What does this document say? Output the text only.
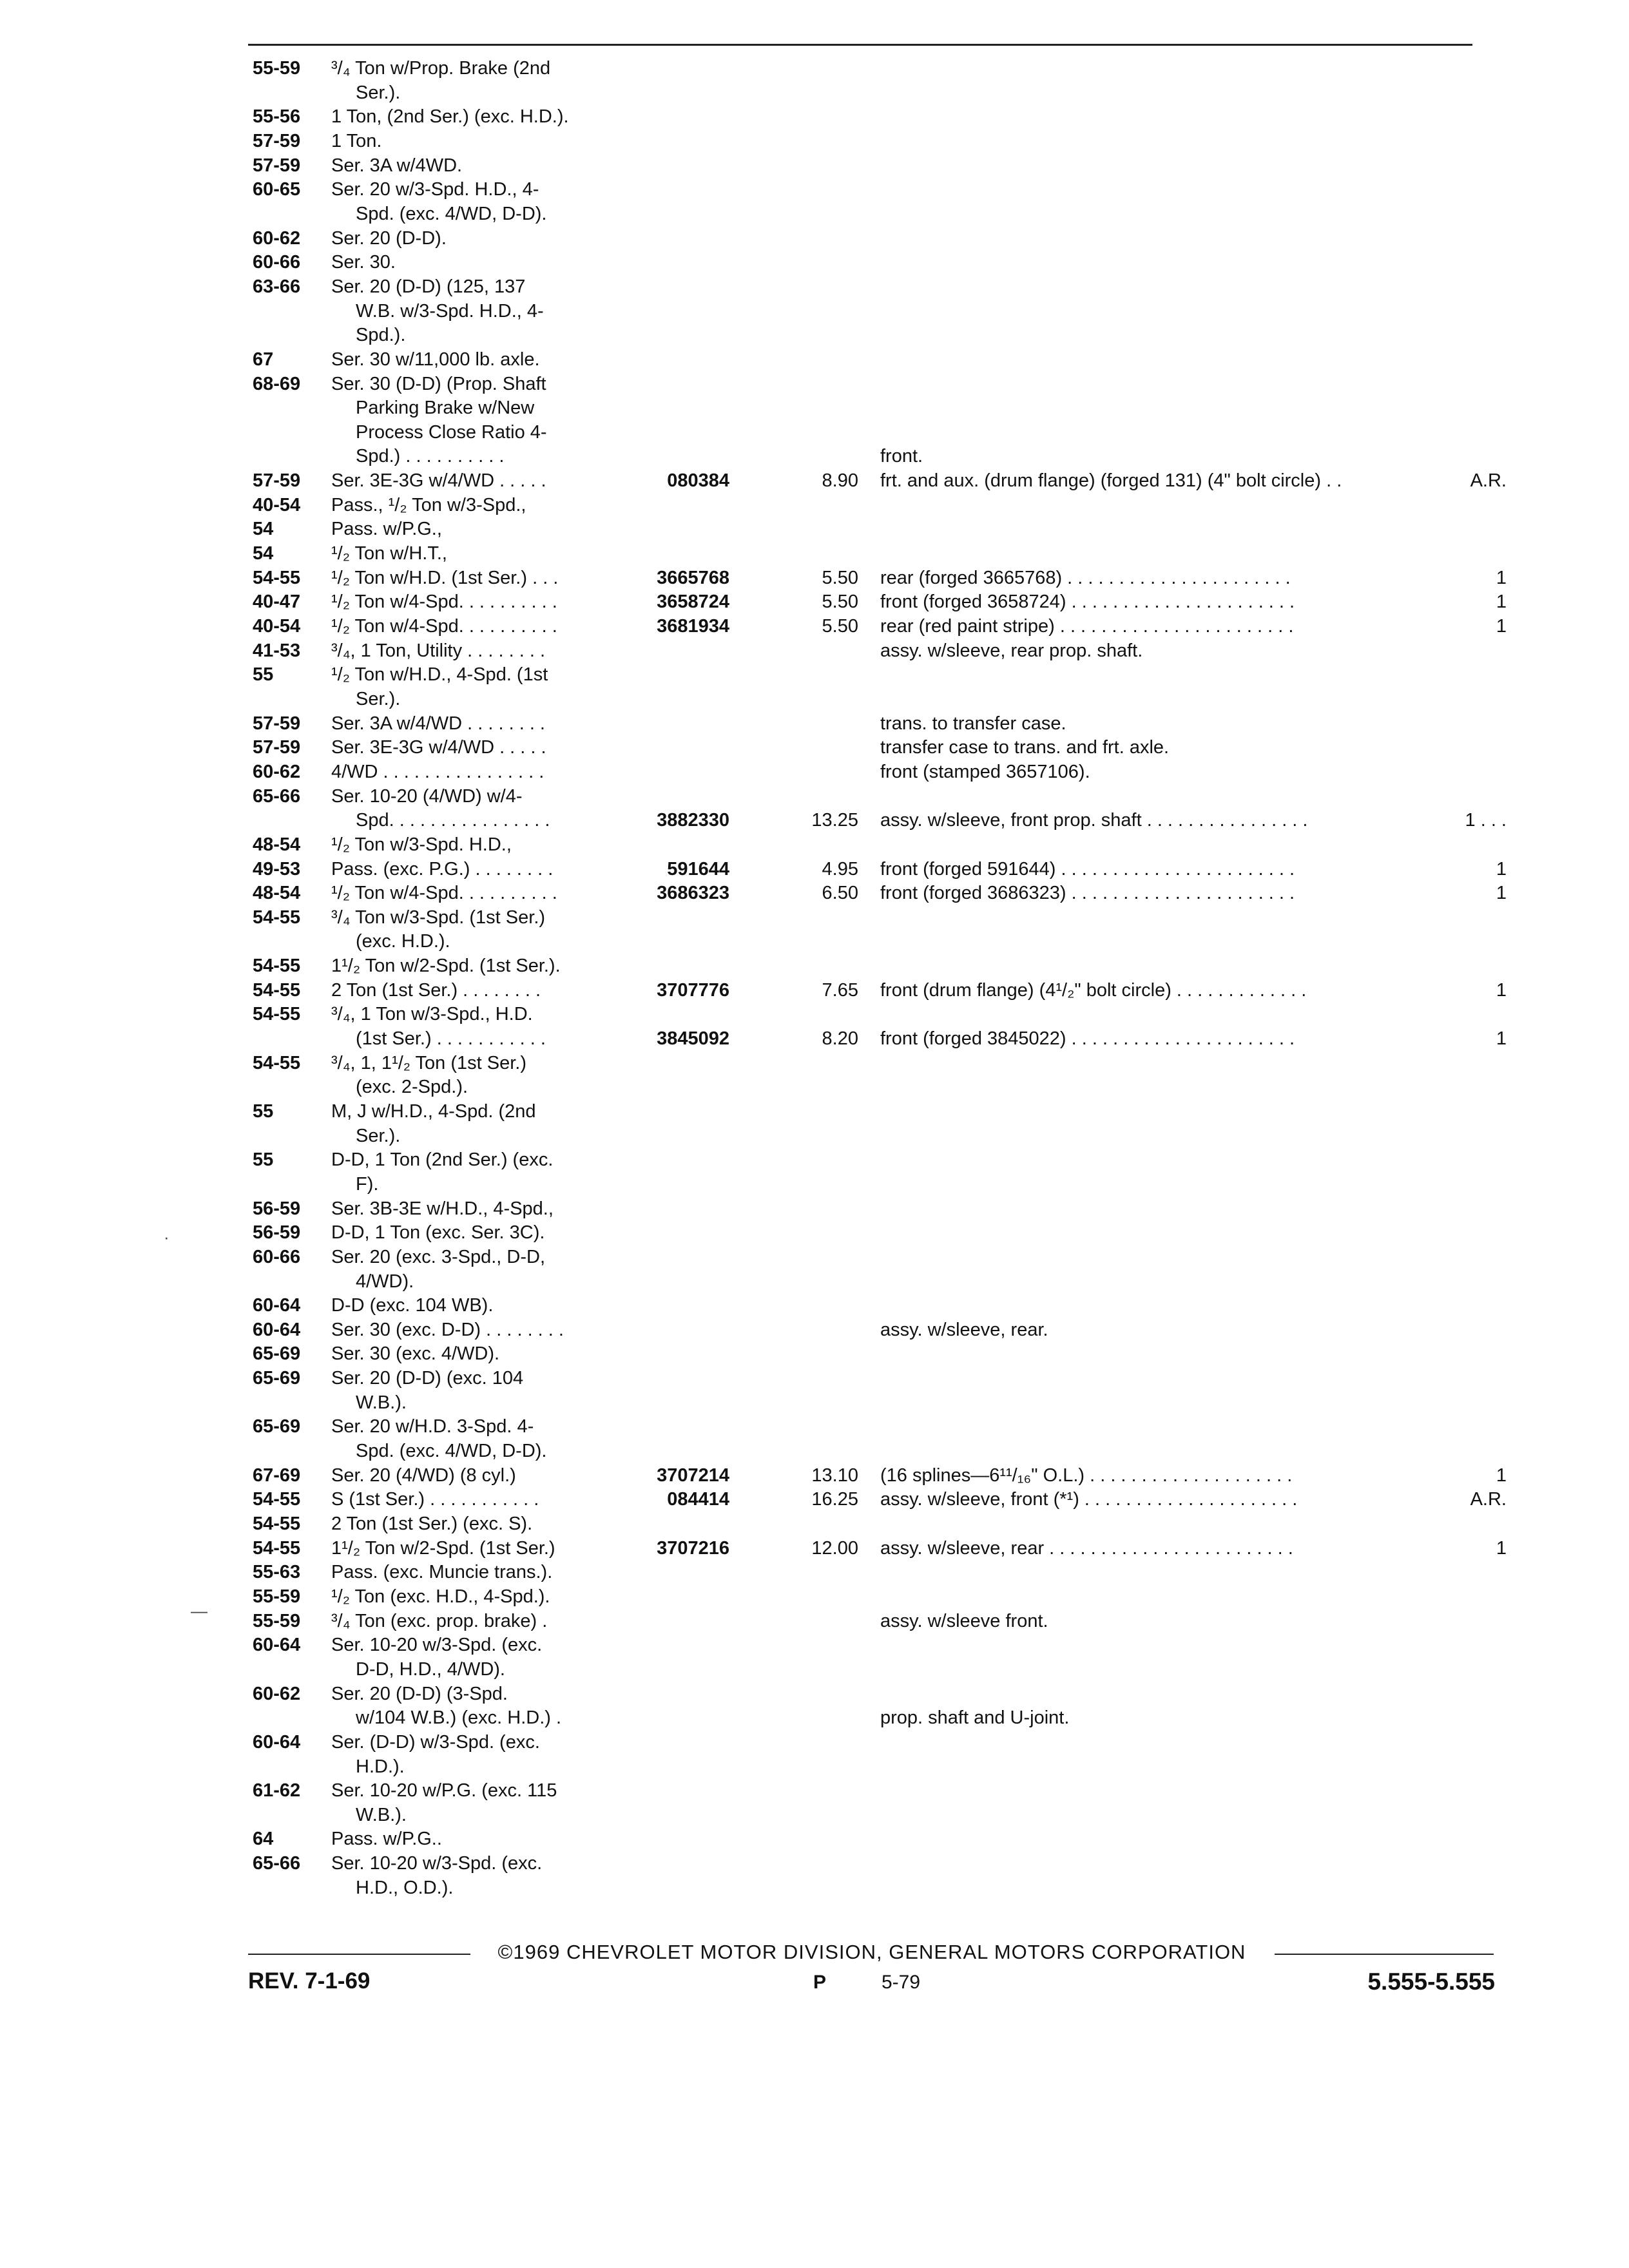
55-59 ³/₄ Ton w/Prop. Brake (2nd
Ser.).
55-56 1 Ton, (2nd Ser.) (exc. H.D.).
57-59 1 Ton.
57-59 Ser. 3A w/4WD.
60-65 Ser. 20 w/3-Spd. H.D., 4-
Spd. (exc. 4/WD, D-D).
60-62 Ser. 20 (D-D).
60-66 Ser. 30.
63-66 Ser. 20 (D-D) (125, 137
W.B. w/3-Spd. H.D., 4-
Spd.).
67	Ser. 30 w/11,000 lb. axle.
68-69 Ser. 30 (D-D) (Prop. Shaft
Parking Brake w/New
Process Close Ratio 4-
Spd.) . . . . . . . . . .	front.
57-59 Ser. 3E-3G w/4/WD . . . . .	080384	8.90 frt. and aux. (drum flange) (forged 131) (4" bolt circle) . .	A.R.
40-54 Pass., ¹/₂ Ton w/3-Spd.,
54	Pass. w/P.G.,
54	¹/₂ Ton w/H.T.,
54-55 ¹/₂ Ton w/H.D. (1st Ser.) . . .	3665768	5.50 rear (forged 3665768) . . . . . . . . . . . . . . . . . . . . . .	1
40-47 ¹/₂ Ton w/4-Spd. . . . . . . . . .	3658724	5.50 front (forged 3658724) . . . . . . . . . . . . . . . . . . . . . .	1
40-54 ¹/₂ Ton w/4-Spd. . . . . . . . . .	3681934	5.50 rear (red paint stripe) . . . . . . . . . . . . . . . . . . . . . . .	1
41-53 ³/₄, 1 Ton, Utility . . . . . . . .	assy. w/sleeve, rear prop. shaft.
55	¹/₂ Ton w/H.D., 4-Spd. (1st
Ser.).
57-59 Ser. 3A w/4/WD . . . . . . . .	trans. to transfer case.
57-59 Ser. 3E-3G w/4/WD . . . . .	transfer case to trans. and frt. axle.
60-62 4/WD . . . . . . . . . . . . . . . .	front (stamped 3657106).
65-66 Ser. 10-20 (4/WD) w/4-
Spd. . . . . . . . . . . . . . . .	3882330	13.25 assy. w/sleeve, front prop. shaft . . . . . . . . . . . . . . . .	1 . . .
48-54 ¹/₂ Ton w/3-Spd. H.D.,
49-53 Pass. (exc. P.G.) . . . . . . . .	591644	4.95 front (forged 591644) . . . . . . . . . . . . . . . . . . . . . . .	1
48-54 ¹/₂ Ton w/4-Spd. . . . . . . . . .	3686323	6.50 front (forged 3686323) . . . . . . . . . . . . . . . . . . . . . .	1
54-55 ³/₄ Ton w/3-Spd. (1st Ser.)
(exc. H.D.).
54-55 1¹/₂ Ton w/2-Spd. (1st Ser.).
54-55 2 Ton (1st Ser.) . . . . . . . .	3707776	7.65 front (drum flange) (4¹/₂" bolt circle) . . . . . . . . . . . . .	1
54-55 ³/₄, 1 Ton w/3-Spd., H.D.
(1st Ser.) . . . . . . . . . . .	3845092	8.20 front (forged 3845022) . . . . . . . . . . . . . . . . . . . . . .	1
54-55 ³/₄, 1, 1¹/₂ Ton (1st Ser.)
(exc. 2-Spd.).
55	M, J w/H.D., 4-Spd. (2nd
Ser.).
55	D-D, 1 Ton (2nd Ser.) (exc.
F).
56-59 Ser. 3B-3E w/H.D., 4-Spd.,
56-59 D-D, 1 Ton (exc. Ser. 3C).
60-66 Ser. 20 (exc. 3-Spd., D-D,
4/WD).
60-64 D-D (exc. 104 WB).
60-64 Ser. 30 (exc. D-D) . . . . . . . .	assy. w/sleeve, rear.
65-69 Ser. 30 (exc. 4/WD).
65-69 Ser. 20 (D-D) (exc. 104
W.B.).
65-69 Ser. 20 w/H.D. 3-Spd. 4-
Spd. (exc. 4/WD, D-D).
67-69 Ser. 20 (4/WD) (8 cyl.)	3707214	13.10 (16 splines—6¹¹/₁₆" O.L.) . . . . . . . . . . . . . . . . . . . .	1
54-55 S (1st Ser.) . . . . . . . . . . .	084414	16.25 assy. w/sleeve, front (*¹) . . . . . . . . . . . . . . . . . . . . .	A.R.
54-55 2 Ton (1st Ser.) (exc. S).
54-55 1¹/₂ Ton w/2-Spd. (1st Ser.)	3707216	12.00 assy. w/sleeve, rear . . . . . . . . . . . . . . . . . . . . . . . .	1
55-63 Pass. (exc. Muncie trans.).
55-59 ¹/₂ Ton (exc. H.D., 4-Spd.).
55-59 ³/₄ Ton (exc. prop. brake) .	assy. w/sleeve front.
60-64 Ser. 10-20 w/3-Spd. (exc.
D-D, H.D., 4/WD).
60-62 Ser. 20 (D-D) (3-Spd.
w/104 W.B.) (exc. H.D.) .	prop. shaft and U-joint.
60-64 Ser. (D-D) w/3-Spd. (exc.
H.D.).
61-62 Ser. 10-20 w/P.G. (exc. 115
W.B.).
64	Pass. w/P.G..
65-66 Ser. 10-20 w/3-Spd. (exc.
H.D., O.D.).
·
—
©1969 CHEVROLET MOTOR DIVISION, GENERAL MOTORS CORPORATION
REV. 7-1-69	P	5-79	5.555-5.555
